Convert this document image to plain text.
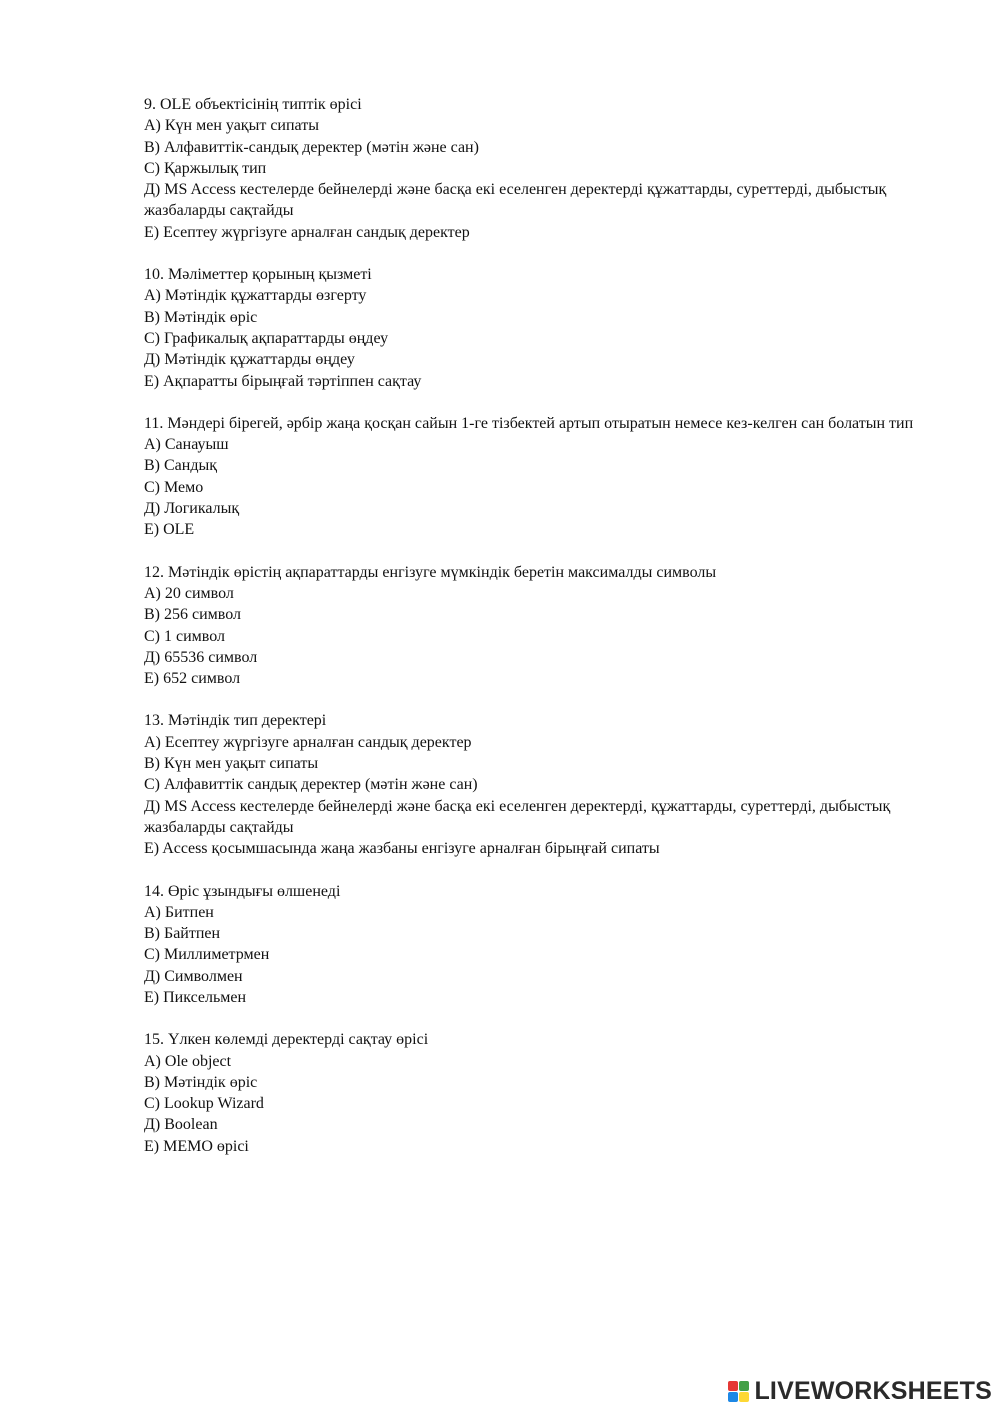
9. OLE объектісінің типтік өрісі
A) Күн мен уақыт сипаты
B) Алфавиттік-сандық деректер (мәтін және сан)
C) Қаржылық тип
Д) MS Access кестелерде бейнелерді және басқа екі еселенген деректерді құжаттарды, суреттерді, дыбыстық жазбаларды сақтайды
E) Есептеу жүргізуге арналған сандық деректер
10. Мәліметтер қорының қызметі
A) Мәтіндік құжаттарды өзгерту
B) Мәтіндік өріс
C) Графикалық ақпараттарды өңдеу
Д) Мәтіндік құжаттарды өңдеу
E) Ақпаратты бірыңғай тәртіппен сақтау
11. Мәндері бірегей, әрбір жаңа қосқан сайын 1-ге тізбектей артып отыратын немесе кез-келген сан болатын тип
A) Санауыш
B) Сандық
C) Мемо
Д) Логикалық
E) OLE
12. Мәтіндік өрістің ақпараттарды енгізуге мүмкіндік беретін максималды символы
A) 20 символ
B) 256 символ
C) 1 символ
Д) 65536 символ
E) 652 символ
13. Мәтіндік тип деректері
A) Есептеу жүргізуге арналған сандық деректер
B) Күн мен уақыт сипаты
C) Алфавиттік сандық деректер (мәтін және сан)
Д) MS Access кестелерде бейнелерді және басқа екі еселенген деректерді, құжаттарды, суреттерді, дыбыстық жазбаларды сақтайды
E) Access қосымшасында жаңа жазбаны енгізуге арналған бірыңғай сипаты
14. Өріс ұзындығы өлшенеді
A) Битпен
B) Байтпен
C) Миллиметрмен
Д) Символмен
E) Пиксельмен
15. Үлкен көлемді деректерді сақтау өрісі
A) Ole object
B) Мәтіндік өріс
C) Lookup Wizard
Д) Boolean
E) MEMO өрісі
LIVEWORKSHEETS
